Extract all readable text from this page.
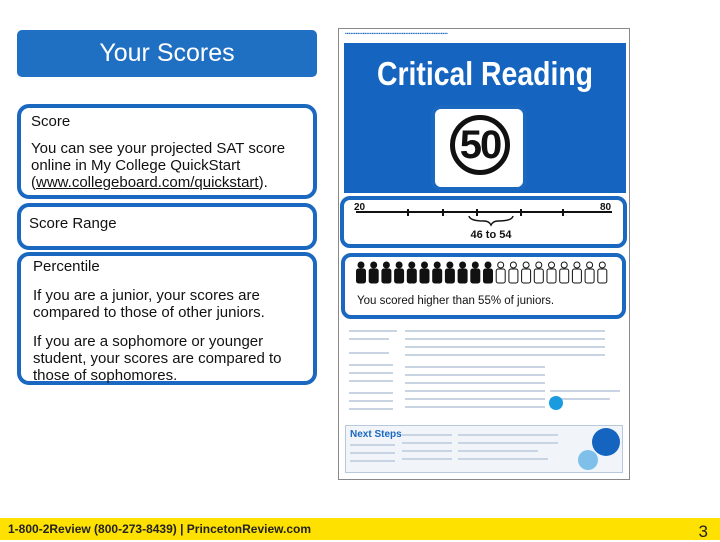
Your Scores
Score
You can see your projected SAT score online in My College QuickStart (www.collegeboard.com/quickstart).
Score Range
Percentile

If you are a junior, your scores are compared to those of other juniors.

If you are a sophomore or younger student, your scores are compared to those of sophomores.

▪▪▪▪▪▪▪▪▪▪▪▪▪▪▪▪▪▪▪▪▪▪▪▪▪▪▪▪▪▪▪▪▪▪▪▪▪▪▪▪▪▪▪▪▪▪▪▪▪▪▪▪▪▪▪▪▪▪
Critical Reading
50
20	80
46 to 54
You scored higher than 55% of juniors.
Next Steps
1-800-2Review (800-273-8439) | PrincetonReview.com	3
